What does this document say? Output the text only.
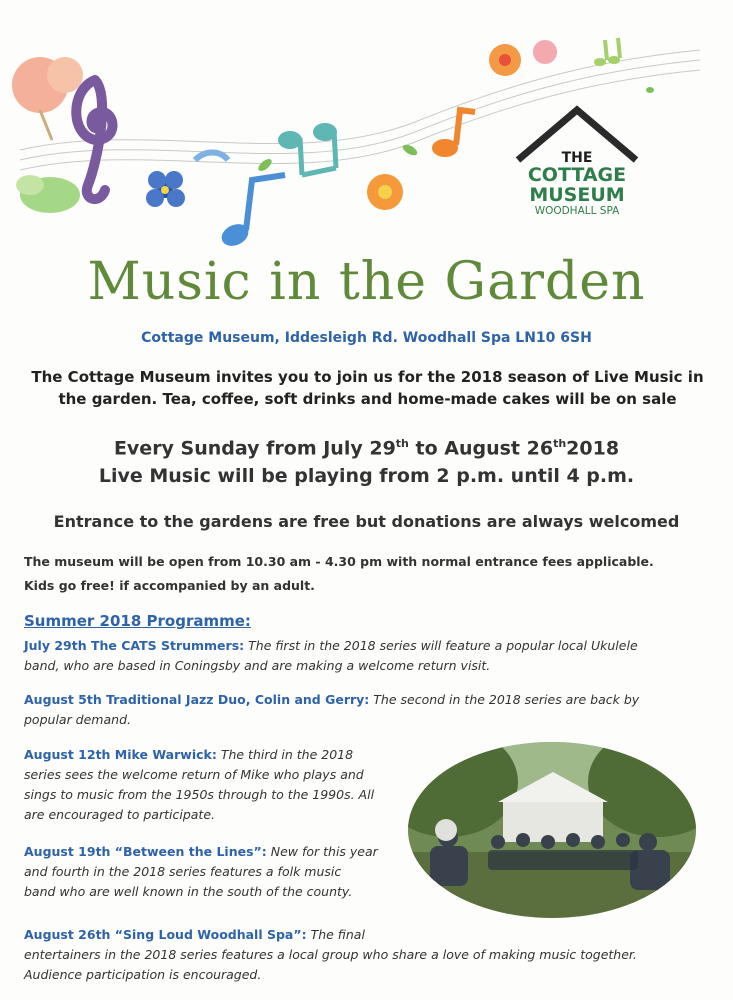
THE
COTTAGE
MUSEUM
WOODHALL SPA
Music in the Garden
Cottage Museum, Iddesleigh Rd. Woodhall Spa LN10 6SH
The Cottage Museum invites you to join us for the 2018 season of Live Music in
the garden. Tea, coffee, soft drinks and home-made cakes will be on sale
Every Sunday from July 29th to August 26th2018
Live Music will be playing from 2 p.m. until 4 p.m.
Entrance to the gardens are free but donations are always welcomed
The museum will be open from 10.30 am - 4.30 pm with normal entrance fees applicable.
Kids go free! if accompanied by an adult.
Summer 2018 Programme:
July 29th The CATS Strummers: The first in the 2018 series will feature a popular local Ukulele
band, who are based in Coningsby and are making a welcome return visit.
August 5th Traditional Jazz Duo, Colin and Gerry: The second in the 2018 series are back by
popular demand.
August 12th Mike Warwick: The third in the 2018
series sees the welcome return of Mike who plays and
sings to music from the 1950s through to the 1990s. All
are encouraged to participate.
August 19th “Between the Lines”: New for this year
and fourth in the 2018 series features a folk music
band who are well known in the south of the county.
August 26th “Sing Loud Woodhall Spa”: The final
entertainers in the 2018 series features a local group who share a love of making music together.
Audience participation is encouraged.
